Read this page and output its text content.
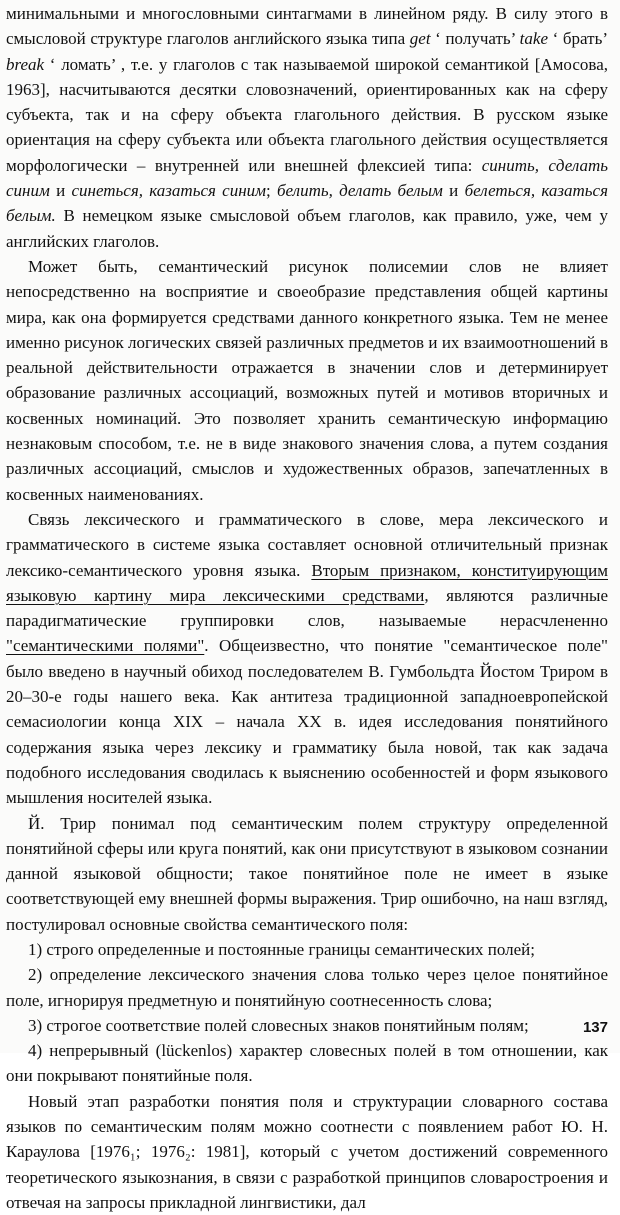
минимальными и многословными синтагмами в линейном ряду. В силу этого в смысловой структуре глаголов английского языка типа get ‘ получать’ take ‘ брать’ break ‘ ломать’ , т.е. у глаголов с так называемой широкой семантикой [Амосова, 1963], насчитываются десятки словозначений, ориентированных как на сферу субъекта, так и на сферу объекта глагольного действия. В русском языке ориентация на сферу субъекта или объекта глагольного действия осуществляется морфологически – внутренней или внешней флексией типа: синить, сделать синим и синеться, казаться синим; белить, делать белым и белеться, казаться белым. В немецком языке смысловой объем глаголов, как правило, уже, чем у английских глаголов.

Может быть, семантический рисунок полисемии слов не влияет непосредственно на восприятие и своеобразие представления общей картины мира, как она формируется средствами данного конкретного языка. Тем не менее именно рисунок логических связей различных предметов и их взаимоотношений в реальной действительности отражается в значении слов и детерминирует образование различных ассоциаций, возможных путей и мотивов вторичных и косвенных номинаций. Это позволяет хранить семантическую информацию незнаковым способом, т.е. не в виде знакового значения слова, а путем создания различных ассоциаций, смыслов и художественных образов, запечатленных в косвенных наименованиях.

Связь лексического и грамматического в слове, мера лексического и грамматического в системе языка составляет основной отличительный признак лексико-семантического уровня языка. Вторым признаком, конституирующим языковую картину мира лексическими средствами, являются различные парадигматические группировки слов, называемые нерасчлененно "семантическими полями". Общеизвестно, что понятие "семантическое поле" было введено в научный обиход последователем В. Гумбольдта Йостом Триром в 20–30-е годы нашего века. Как антитеза традиционной западноевропейской семасиологии конца XIX – начала XX в. идея исследования понятийного содержания языка через лексику и грамматику была новой, так как задача подобного исследования сводилась к выяснению особенностей и форм языкового мышления носителей языка.

Й. Трир понимал под семантическим полем структуру определенной понятийной сферы или круга понятий, как они присутствуют в языковом сознании данной языковой общности; такое понятийное поле не имеет в языке соответствующей ему внешней формы выражения. Трир ошибочно, на наш взгляд, постулировал основные свойства семантического поля:

1) строго определенные и постоянные границы семантических полей;

2) определение лексического значения слова только через целое понятийное поле, игнорируя предметную и понятийную соотнесенность слова;

3) строгое соответствие полей словесных знаков понятийным полям;

4) непрерывный (lückenlos) характер словесных полей в том отношении, как они покрывают понятийные поля.

Новый этап разработки понятия поля и структурации словарного состава языков по семантическим полям можно соотнести с появлением работ Ю. Н. Караулова [1976₁; 1976₂: 1981], который с учетом достижений современного теоретического языкознания, в связи с разработкой принципов словаростроения и отвечая на запросы прикладной лингвистики, дал

137
